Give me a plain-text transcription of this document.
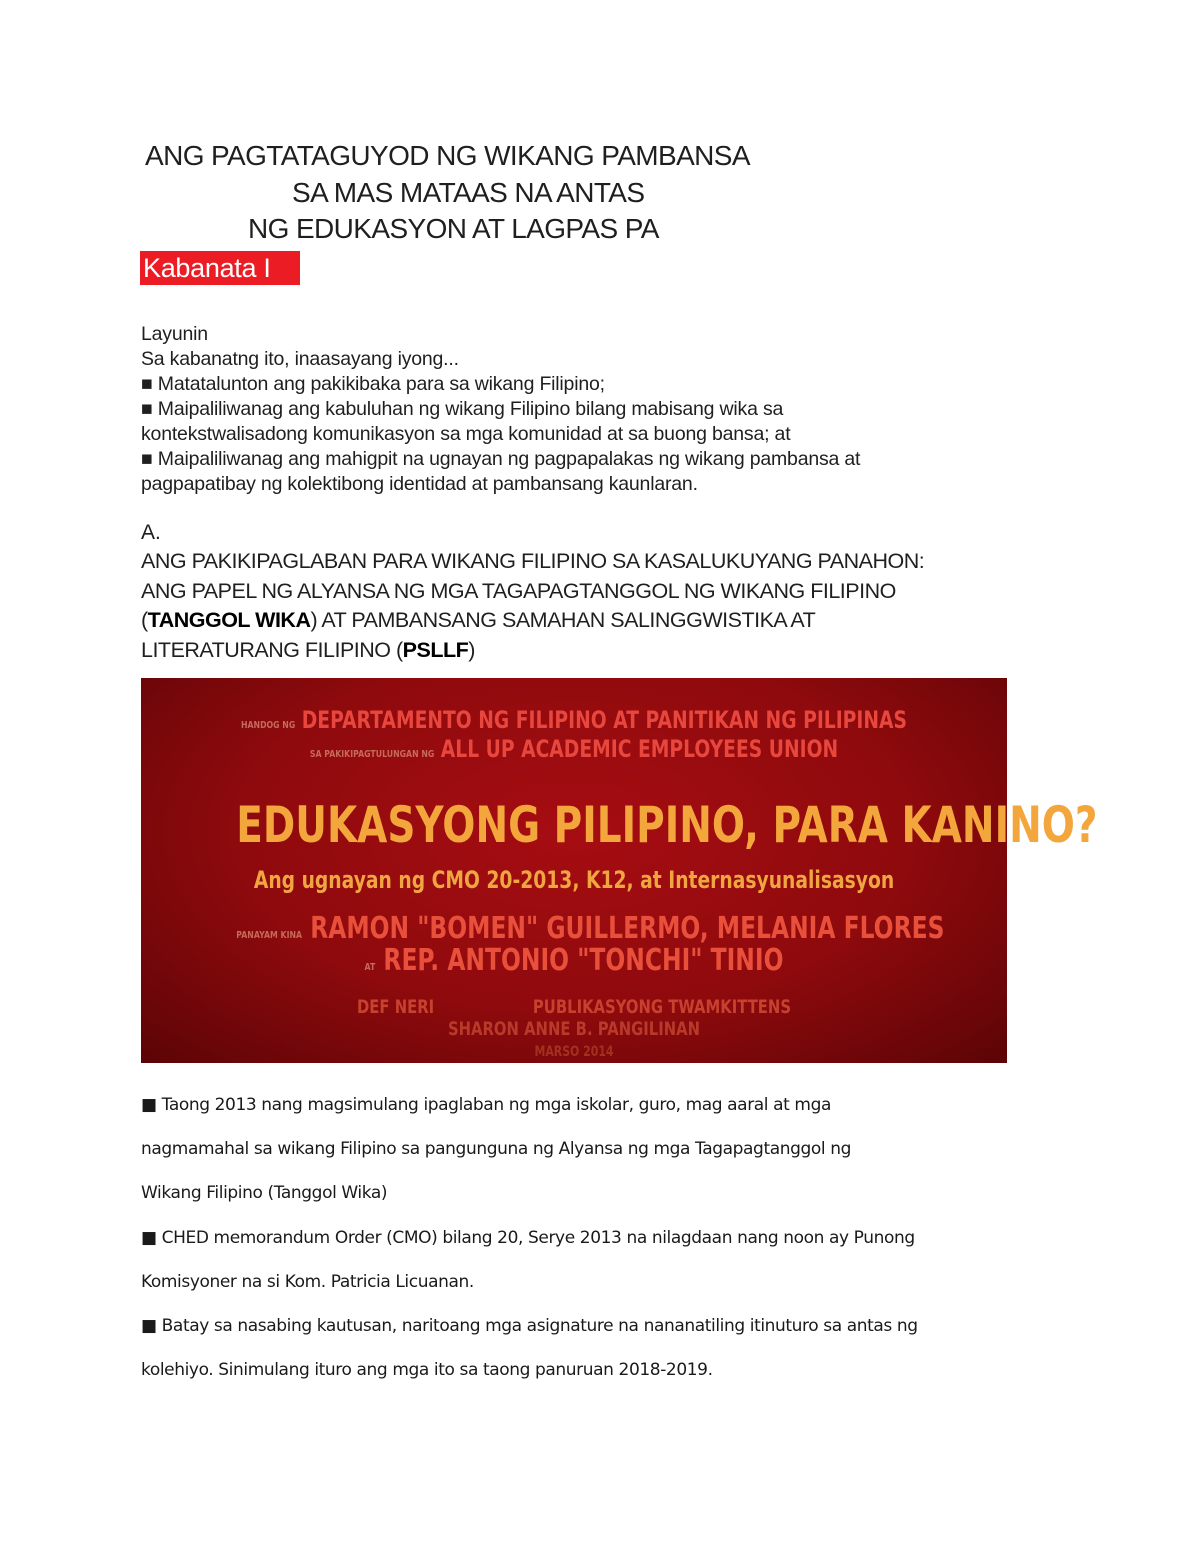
ANG PAGTATAGUYOD NG WIKANG PAMBANSA
SA MAS MATAAS NA ANTAS
NG EDUKASYON AT LAGPAS PA
Kabanata I
Layunin
Sa kabanatng ito, inaasayang iyong...
■ Matatalunton ang pakikibaka para sa wikang Filipino;
■ Maipaliliwanag ang kabuluhan ng wikang Filipino bilang mabisang wika sa
kontekstwalisadong komunikasyon sa mga komunidad at sa buong bansa; at
■ Maipaliliwanag ang mahigpit na ugnayan ng pagpapalakas ng wikang pambansa at
pagpapatibay ng kolektibong identidad at pambansang kaunlaran.
A.
ANG PAKIKIPAGLABAN PARA WIKANG FILIPINO SA KASALUKUYANG PANAHON:
ANG PAPEL NG ALYANSA NG MGA TAGAPAGTANGGOL NG WIKANG FILIPINO
(TANGGOL WIKA) AT PAMBANSANG SAMAHAN SALINGGWISTIKA AT
LITERATURANG FILIPINO (PSLLF)
HANDOG NG DEPARTAMENTO NG FILIPINO AT PANITIKAN NG PILIPINAS
SA PAKIKIPAGTULUNGAN NG ALL UP ACADEMIC EMPLOYEES UNION
EDUKASYONG PILIPINO, PARA KANINO?
Ang ugnayan ng CMO 20-2013, K12, at Internasyunalisasyon
PANAYAM KINA RAMON "BOMEN" GUILLERMO, MELANIA FLORES
AT REP. ANTONIO "TONCHI" TINIO
DEF NERI	PUBLIKASYONG TWAMKITTENS
SHARON ANNE B. PANGILINAN
MARSO 2014
■ Taong 2013 nang magsimulang ipaglaban ng mga iskolar, guro, mag aaral at mga
nagmamahal sa wikang Filipino sa pangunguna ng Alyansa ng mga Tagapagtanggol ng
Wikang Filipino (Tanggol Wika)
■ CHED memorandum Order (CMO) bilang 20, Serye 2013 na nilagdaan nang noon ay Punong
Komisyoner na si Kom. Patricia Licuanan.
■ Batay sa nasabing kautusan, naritoang mga asignature na nananatiling itinuturo sa antas ng
kolehiyo. Sinimulang ituro ang mga ito sa taong panuruan 2018-2019.
